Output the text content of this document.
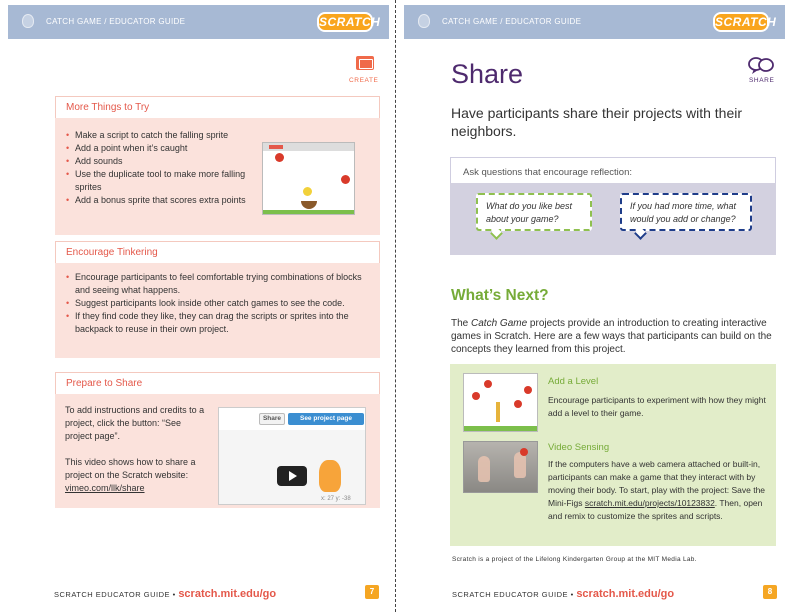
CATCH GAME / EDUCATOR GUIDE	SCRATCH
CREATE
More Things to Try
• Make a script to catch the falling sprite
• Add a point when it’s caught
• Add sounds
• Use the duplicate tool to make more falling sprites
• Add a bonus sprite that scores extra points
Encourage Tinkering
• Encourage participants to feel comfortable trying combinations of blocks and seeing what happens.
• Suggest participants look inside other catch games to see the code.
• If they find code they like, they can drag the scripts or sprites into the backpack to reuse in their own project.
Prepare to Share
To add instructions and credits to a project, click the button: “See project page”.
This video shows how to share a project on the Scratch website: vimeo.com/llk/share
Share	See project page
x: 27 y: -38
SCRATCH EDUCATOR GUIDE • scratch.mit.edu/go	7
CATCH GAME / EDUCATOR GUIDE	SCRATCH
Share	SHARE
Have participants share their projects with their neighbors.
Ask questions that encourage reflection:
What do you like best about your game?
If you had more time, what would you add or change?
What’s Next?
The Catch Game projects provide an introduction to creating interactive games in Scratch. Here are a few ways that participants can build on the concepts they learned from this project.
Add a Level
Encourage participants to experiment with how they might add a level to their game.
Video Sensing
If the computers have a web camera attached or built-in, participants can make a game that they interact with by moving their body. To start, play with the project: Save the Mini-Figs scratch.mit.edu/projects/10123832. Then, open and remix to customize the sprites and scripts.
Scratch is a project of the Lifelong Kindergarten Group at the MIT Media Lab.
SCRATCH EDUCATOR GUIDE • scratch.mit.edu/go	8
